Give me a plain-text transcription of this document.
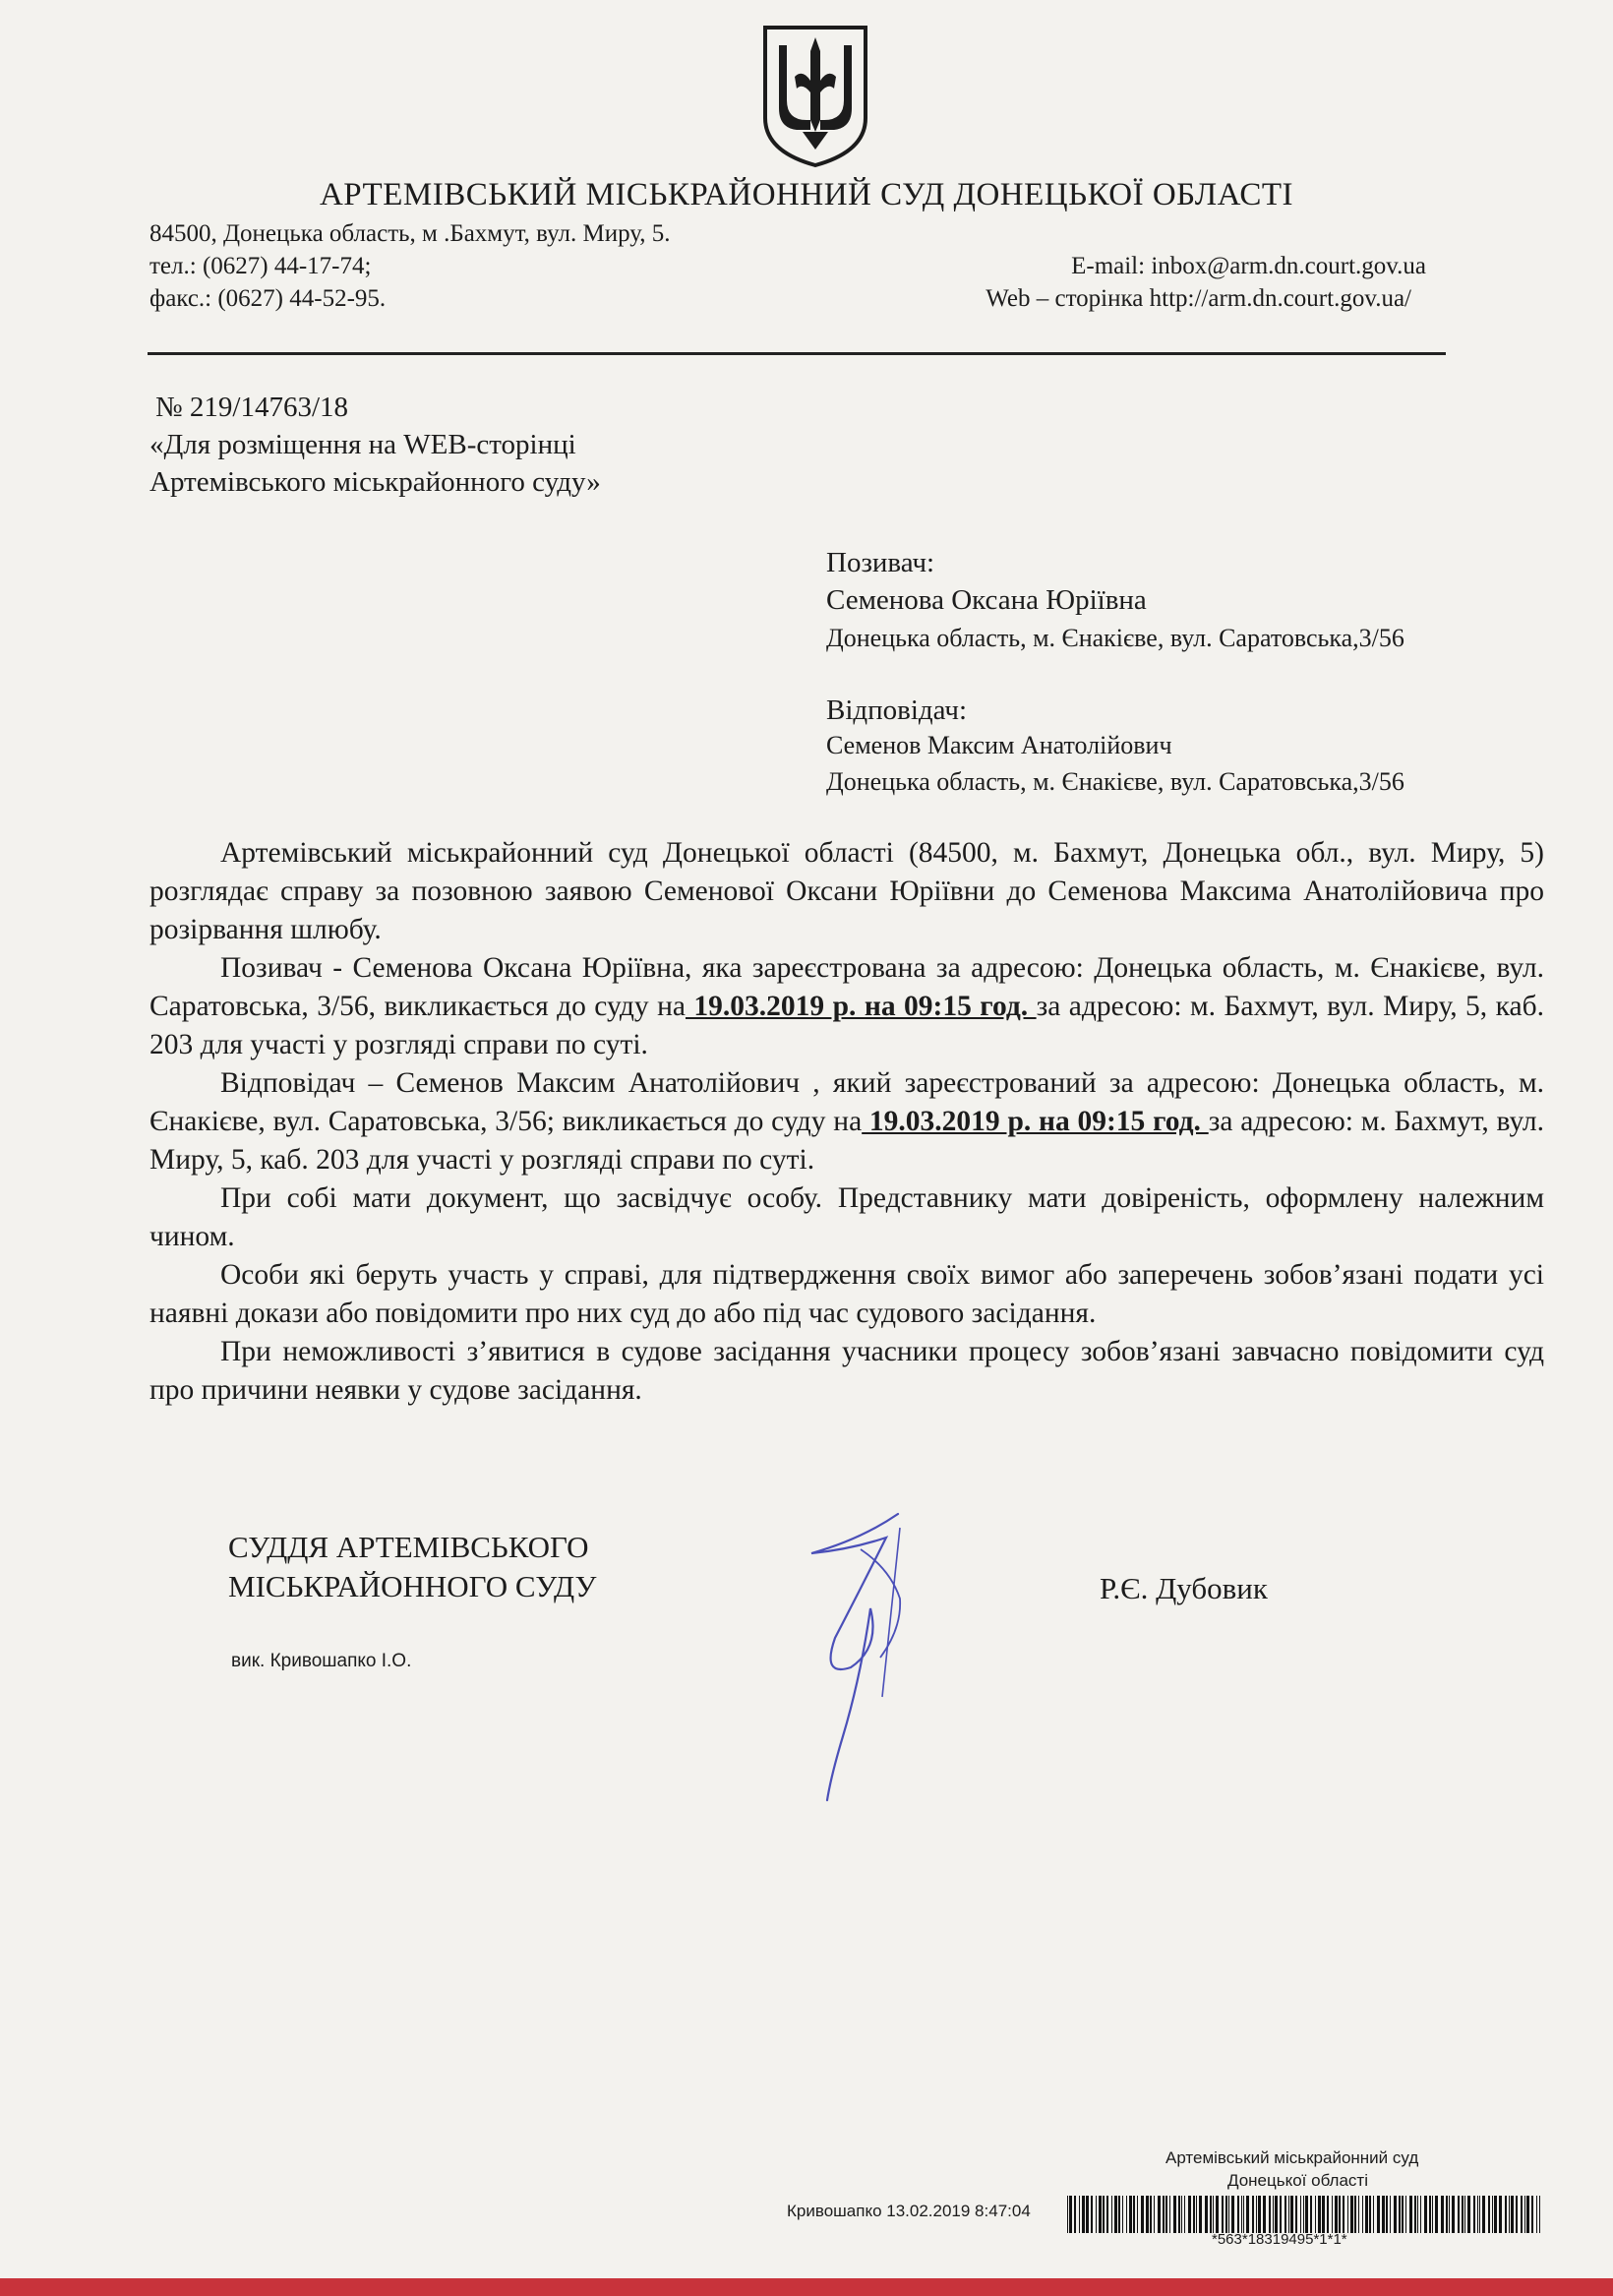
АРТЕМІВСЬКИЙ МІСЬКРАЙОННИЙ СУД ДОНЕЦЬКОЇ ОБЛАСТІ
84500, Донецька область, м .Бахмут, вул. Миру, 5.
тел.: (0627) 44-17-74;
факс.: (0627) 44-52-95.
E-mail: inbox@arm.dn.court.gov.ua
Web – сторінка http://arm.dn.court.gov.ua/
№ 219/14763/18
«Для розміщення на WEB-сторінці
Артемівського міськрайонного суду»
Позивач:
Семенова Оксана Юріївна
Донецька область, м. Єнакієве, вул. Саратовська,3/56
Відповідач:
Семенов Максим Анатолійович
Донецька область, м. Єнакієве, вул. Саратовська,3/56

Артемівський міськрайонний суд Донецької області (84500, м. Бахмут, Донецька обл., вул. Миру, 5) розглядає справу за позовною заявою Семенової Оксани Юріївни до Семенова Максима Анатолійовича про розірвання шлюбу.

Позивач - Семенова Оксана Юріївна, яка зареєстрована за адресою: Донецька область, м. Єнакієве, вул. Саратовська, 3/56, викликається до суду на 19.03.2019 р. на 09:15 год. за адресою: м. Бахмут, вул. Миру, 5, каб. 203 для участі у розгляді справи по суті.

Відповідач – Семенов Максим Анатолійович , який зареєстрований за адресою: Донецька область, м. Єнакієве, вул. Саратовська, 3/56; викликається до суду на 19.03.2019 р. на 09:15 год. за адресою: м. Бахмут, вул. Миру, 5, каб. 203 для участі у розгляді справи по суті.

При собі мати документ, що засвідчує особу. Представнику мати довіреність, оформлену належним чином.

Особи які беруть участь у справі, для підтвердження своїх вимог або заперечень зобов’язані подати усі наявні докази або повідомити про них суд до або під час судового засідання.

При неможливості з’явитися в судове засідання учасники процесу зобов’язані завчасно повідомити суд про причини неявки у судове засідання.

СУДДЯ АРТЕМІВСЬКОГО
МІСЬКРАЙОННОГО СУДУ	Р.Є. Дубовик
вик. Кривошапко І.О.
Артемівський міськрайонний суд
Донецької області
Кривошапко 13.02.2019 8:47:04
*563*18319495*1*1*
